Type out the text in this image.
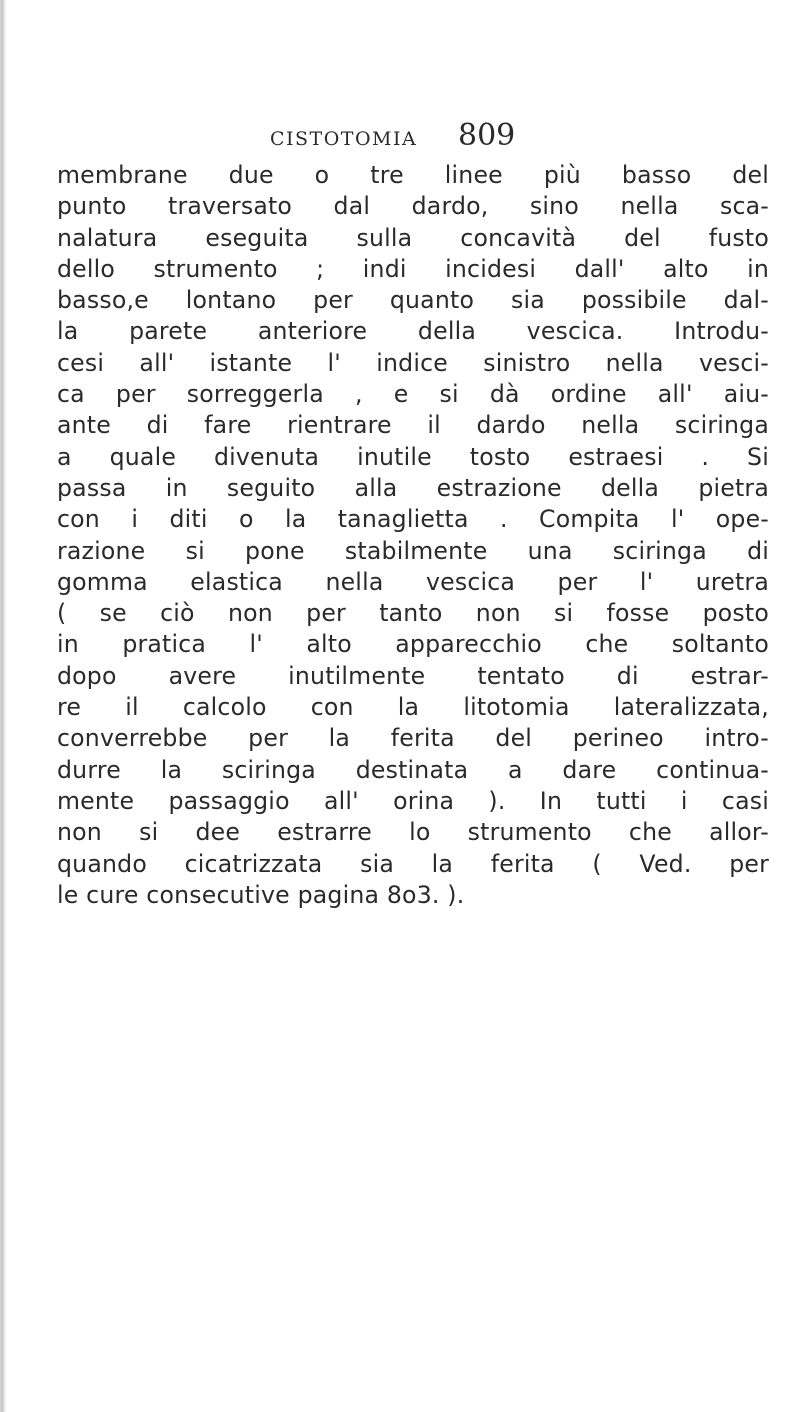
CISTOTOMIA 809
membrane due o tre linee più basso del
punto traversato dal dardo, sino nella sca-
nalatura eseguita sulla concavità del fusto
dello strumento ; indi incidesi dall' alto in
basso,e lontano per quanto sia possibile dal-
la parete anteriore della vescica. Introdu-
cesi all' istante l' indice sinistro nella vesci-
ca per sorreggerla , e si dà ordine all' aiu-
ante di fare rientrare il dardo nella sciringa
a quale divenuta inutile tosto estraesi . Si
passa in seguito alla estrazione della pietra
con i diti o la tanaglietta . Compita l' ope-
razione si pone stabilmente una sciringa di
gomma elastica nella vescica per l' uretra
( se ciò non per tanto non si fosse posto
in pratica l' alto apparecchio che soltanto
dopo avere inutilmente tentato di estrar-
re il calcolo con la litotomia lateralizzata,
converrebbe per la ferita del perineo intro-
durre la sciringa destinata a dare continua-
mente passaggio all' orina ). In tutti i casi
non si dee estrarre lo strumento che allor-
quando cicatrizzata sia la ferita ( Ved. per
le cure consecutive pagina 8o3. ).
